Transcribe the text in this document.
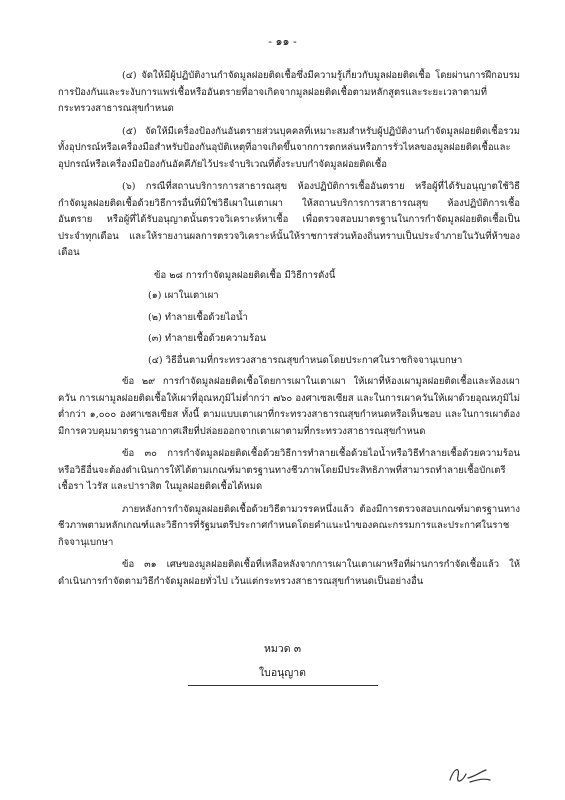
- ๑๑ -

(๔) จัดให้มีผู้ปฏิบัติงานกำจัดมูลฝอยติดเชื้อซึ่งมีความรู้เกี่ยวกับมูลฝอยติดเชื้อ โดยผ่านการฝึกอบรมการป้องกันและระงับการแพร่เชื้อหรืออันตรายที่อาจเกิดจากมูลฝอยติดเชื้อตามหลักสูตรและระยะเวลาตามที่กระทรวงสาธารณสุขกำหนด

(๕) จัดให้มีเครื่องป้องกันอันตรายส่วนบุคคลที่เหมาะสมสำหรับผู้ปฏิบัติงานกำจัดมูลฝอยติดเชื้อรวมทั้งอุปกรณ์หรือเครื่องมือสำหรับป้องกันอุบัติเหตุที่อาจเกิดขึ้นจากการตกหล่นหรือการรั่วไหลของมูลฝอยติดเชื้อและอุปกรณ์หรือเครื่องมือป้องกันอัคคีภัยไว้ประจำบริเวณที่ตั้งระบบกำจัดมูลฝอยติดเชื้อ

(๖) กรณีที่สถานบริการการสาธารณสุข ห้องปฏิบัติการเชื้ออันตราย หรือผู้ที่ได้รับอนุญาตใช้วิธีกำจัดมูลฝอยติดเชื้อด้วยวิธีการอื่นที่มิใช่วิธีเผาในเตาเผา ให้สถานบริการการสาธารณสุข ห้องปฏิบัติการเชื้ออันตราย หรือผู้ที่ได้รับอนุญาตนั้นตรวจวิเคราะห์หาเชื้อ เพื่อตรวจสอบมาตรฐานในการกำจัดมูลฝอยติดเชื้อเป็นประจำทุกเดือน และให้รายงานผลการตรวจวิเคราะห์นั้นให้ราชการส่วนท้องถิ่นทราบเป็นประจำภายในวันที่ห้าของเดือน

ข้อ ๒๘ การกำจัดมูลฝอยติดเชื้อ มีวิธีการดังนี้

(๑) เผาในเตาเผา
(๒) ทำลายเชื้อด้วยไอน้ำ
(๓) ทำลายเชื้อด้วยความร้อน
(๔) วิธีอื่นตามที่กระทรวงสาธารณสุขกำหนดโดยประกาศในราชกิจจานุเบกษา

ข้อ ๒๙ การกำจัดมูลฝอยติดเชื้อโดยการเผาในเตาเผา ให้เผาที่ห้องเผามูลฝอยติดเชื้อและห้องเผาควัน การเผามูลฝอยติดเชื้อให้เผาที่อุณหภูมิไม่ต่ำกว่า ๗๖๐ องศาเซลเซียส และในการเผาควันให้เผาด้วยอุณหภูมิไม่ต่ำกว่า ๑,๐๐๐ องศาเซลเซียส ทั้งนี้ ตามแบบเตาเผาที่กระทรวงสาธารณสุขกำหนดหรือเห็นชอบ และในการเผาต้องมีการควบคุมมาตรฐานอากาศเสียที่ปล่อยออกจากเตาเผาตามที่กระทรวงสาธารณสุขกำหนด

ข้อ ๓๐ การกำจัดมูลฝอยติดเชื้อด้วยวิธีการทำลายเชื้อด้วยไอน้ำหรือวิธีทำลายเชื้อด้วยความร้อนหรือวิธีอื่นจะต้องดำเนินการให้ได้ตามเกณฑ์มาตรฐานทางชีวภาพโดยมีประสิทธิภาพที่สามารถทำลายเชื้อบักเตรี เชื้อรา ไวรัส และปาราสิต ในมูลฝอยติดเชื้อได้หมด

ภายหลังการกำจัดมูลฝอยติดเชื้อด้วยวิธีตามวรรคหนึ่งแล้ว ต้องมีการตรวจสอบเกณฑ์มาตรฐานทางชีวภาพตามหลักเกณฑ์และวิธีการที่รัฐมนตรีประกาศกำหนดโดยคำแนะนำของคณะกรรมการและประกาศในราชกิจจานุเบกษา

ข้อ ๓๑ เศษของมูลฝอยติดเชื้อที่เหลือหลังจากการเผาในเตาเผาหรือที่ผ่านการกำจัดเชื้อแล้ว ให้ดำเนินการกำจัดตามวิธีกำจัดมูลฝอยทั่วไป เว้นแต่กระทรวงสาธารณสุขกำหนดเป็นอย่างอื่น

หมวด ๓
ใบอนุญาต
